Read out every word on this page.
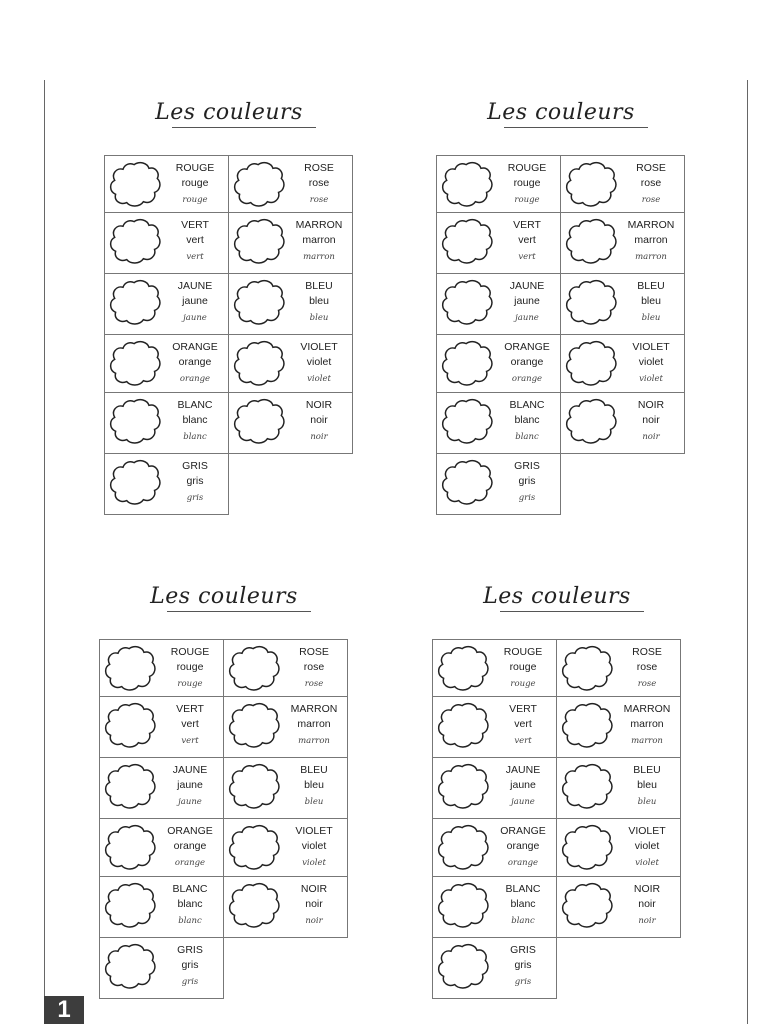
Les couleurs
ROUGE
rouge
rouge
ROSE
rose
rose
VERT
vert
vert
MARRON
marron
marron
JAUNE
jaune
jaune
BLEU
bleu
bleu
ORANGE
orange
orange
VIOLET
violet
violet
BLANC
blanc
blanc
NOIR
noir
noir
GRIS
gris
gris
Les couleurs
ROUGE
rouge
rouge
ROSE
rose
rose
VERT
vert
vert
MARRON
marron
marron
JAUNE
jaune
jaune
BLEU
bleu
bleu
ORANGE
orange
orange
VIOLET
violet
violet
BLANC
blanc
blanc
NOIR
noir
noir
GRIS
gris
gris
Les couleurs
ROUGE
rouge
rouge
ROSE
rose
rose
VERT
vert
vert
MARRON
marron
marron
JAUNE
jaune
jaune
BLEU
bleu
bleu
ORANGE
orange
orange
VIOLET
violet
violet
BLANC
blanc
blanc
NOIR
noir
noir
GRIS
gris
gris
Les couleurs
ROUGE
rouge
rouge
ROSE
rose
rose
VERT
vert
vert
MARRON
marron
marron
JAUNE
jaune
jaune
BLEU
bleu
bleu
ORANGE
orange
orange
VIOLET
violet
violet
BLANC
blanc
blanc
NOIR
noir
noir
GRIS
gris
gris
1
